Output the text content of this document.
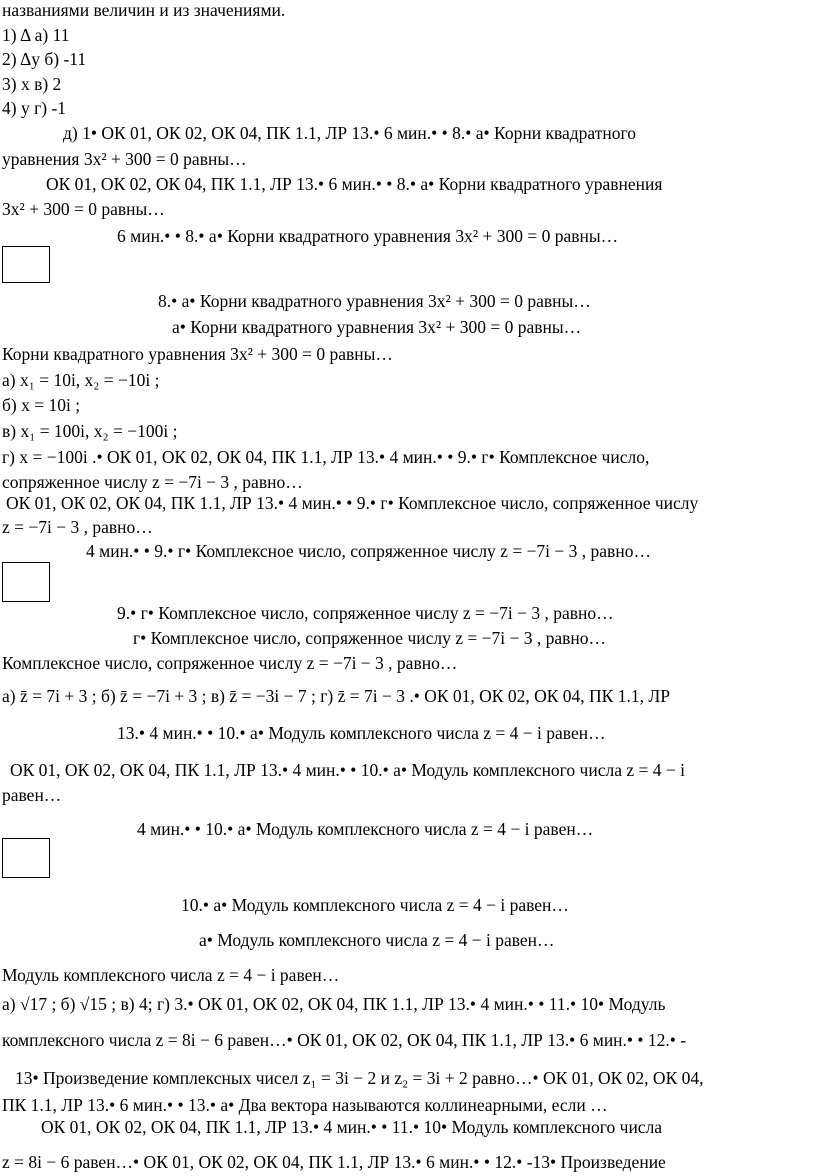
названиями величин и из значениями.
1) Δ а) 11
2) Δy б) -11
3) x в) 2
4) y г) -1
д) 1• ОК 01, ОК 02, ОК 04, ПК 1.1, ЛР 13.• 6 мин.• • 8.• а• Корни квадратного
уравнения 3x² + 300 = 0 равны…
ОК 01, ОК 02, ОК 04, ПК 1.1, ЛР 13.• 6 мин.• • 8.• а• Корни квадратного уравнения
3x² + 300 = 0 равны…
6 мин.• • 8.• а• Корни квадратного уравнения 3x² + 300 = 0 равны…
8.• а• Корни квадратного уравнения 3x² + 300 = 0 равны…
а• Корни квадратного уравнения 3x² + 300 = 0 равны…
Корни квадратного уравнения 3x² + 300 = 0 равны…
а) x₁ = 10i, x₂ = −10i ;
б) x = 10i ;
в) x₁ = 100i, x₂ = −100i ;
г) x = −100i .• ОК 01, ОК 02, ОК 04, ПК 1.1, ЛР 13.• 4 мин.• • 9.• г• Комплексное число,
сопряженное числу z = −7i − 3 , равно…
ОК 01, ОК 02, ОК 04, ПК 1.1, ЛР 13.• 4 мин.• • 9.• г• Комплексное число, сопряженное числу
z = −7i − 3 , равно…
4 мин.• • 9.• г• Комплексное число, сопряженное числу z = −7i − 3 , равно…
9.• г• Комплексное число, сопряженное числу z = −7i − 3 , равно…
г• Комплексное число, сопряженное числу z = −7i − 3 , равно…
Комплексное число, сопряженное числу z = −7i − 3 , равно…
а) z̄ = 7i + 3 ; б) z̄ = −7i + 3 ; в) z̄ = −3i − 7 ; г) z̄ = 7i − 3 .• ОК 01, ОК 02, ОК 04, ПК 1.1, ЛР
13.• 4 мин.• • 10.• а• Модуль комплексного числа z = 4 − i равен…
ОК 01, ОК 02, ОК 04, ПК 1.1, ЛР 13.• 4 мин.• • 10.• а• Модуль комплексного числа z = 4 − i
равен…
4 мин.• • 10.• а• Модуль комплексного числа z = 4 − i равен…
10.• а• Модуль комплексного числа z = 4 − i равен…
а• Модуль комплексного числа z = 4 − i равен…
Модуль комплексного числа z = 4 − i равен…
а) √17 ; б) √15 ; в) 4; г) 3.• ОК 01, ОК 02, ОК 04, ПК 1.1, ЛР 13.• 4 мин.• • 11.• 10• Модуль
комплексного числа z = 8i − 6 равен…• ОК 01, ОК 02, ОК 04, ПК 1.1, ЛР 13.• 6 мин.• • 12.• -
13• Произведение комплексных чисел z₁ = 3i − 2 и z₂ = 3i + 2 равно…• ОК 01, ОК 02, ОК 04,
ПК 1.1, ЛР 13.• 6 мин.• • 13.• а• Два вектора называются коллинеарными, если …
ОК 01, ОК 02, ОК 04, ПК 1.1, ЛР 13.• 4 мин.• • 11.• 10• Модуль комплексного числа
z = 8i − 6 равен…• ОК 01, ОК 02, ОК 04, ПК 1.1, ЛР 13.• 6 мин.• • 12.• -13• Произведение
